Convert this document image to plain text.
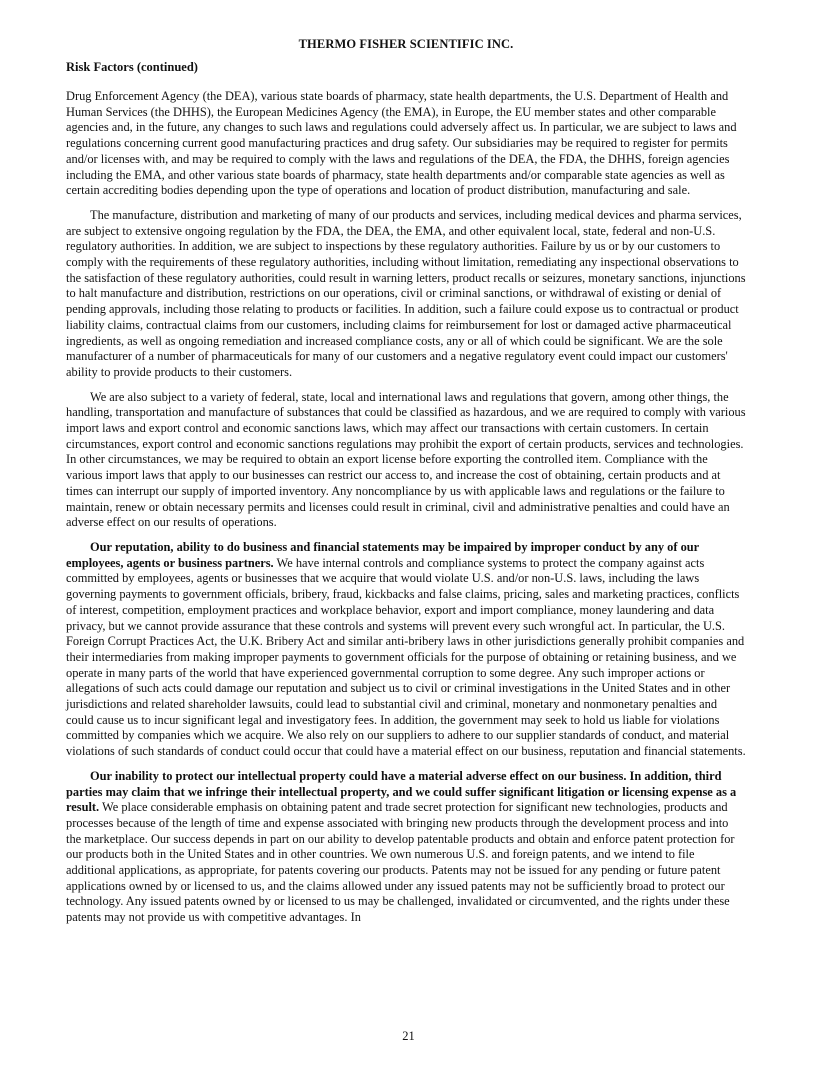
THERMO FISHER SCIENTIFIC INC.
Risk Factors (continued)

Drug Enforcement Agency (the DEA), various state boards of pharmacy, state health departments, the U.S. Department of Health and Human Services (the DHHS), the European Medicines Agency (the EMA), in Europe, the EU member states and other comparable agencies and, in the future, any changes to such laws and regulations could adversely affect us. In particular, we are subject to laws and regulations concerning current good manufacturing practices and drug safety. Our subsidiaries may be required to register for permits and/or licenses with, and may be required to comply with the laws and regulations of the DEA, the FDA, the DHHS, foreign agencies including the EMA, and other various state boards of pharmacy, state health departments and/or comparable state agencies as well as certain accrediting bodies depending upon the type of operations and location of product distribution, manufacturing and sale.

The manufacture, distribution and marketing of many of our products and services, including medical devices and pharma services, are subject to extensive ongoing regulation by the FDA, the DEA, the EMA, and other equivalent local, state, federal and non-U.S. regulatory authorities. In addition, we are subject to inspections by these regulatory authorities. Failure by us or by our customers to comply with the requirements of these regulatory authorities, including without limitation, remediating any inspectional observations to the satisfaction of these regulatory authorities, could result in warning letters, product recalls or seizures, monetary sanctions, injunctions to halt manufacture and distribution, restrictions on our operations, civil or criminal sanctions, or withdrawal of existing or denial of pending approvals, including those relating to products or facilities. In addition, such a failure could expose us to contractual or product liability claims, contractual claims from our customers, including claims for reimbursement for lost or damaged active pharmaceutical ingredients, as well as ongoing remediation and increased compliance costs, any or all of which could be significant. We are the sole manufacturer of a number of pharmaceuticals for many of our customers and a negative regulatory event could impact our customers' ability to provide products to their customers.

We are also subject to a variety of federal, state, local and international laws and regulations that govern, among other things, the handling, transportation and manufacture of substances that could be classified as hazardous, and we are required to comply with various import laws and export control and economic sanctions laws, which may affect our transactions with certain customers. In certain circumstances, export control and economic sanctions regulations may prohibit the export of certain products, services and technologies. In other circumstances, we may be required to obtain an export license before exporting the controlled item. Compliance with the various import laws that apply to our businesses can restrict our access to, and increase the cost of obtaining, certain products and at times can interrupt our supply of imported inventory. Any noncompliance by us with applicable laws and regulations or the failure to maintain, renew or obtain necessary permits and licenses could result in criminal, civil and administrative penalties and could have an adverse effect on our results of operations.

Our reputation, ability to do business and financial statements may be impaired by improper conduct by any of our employees, agents or business partners. We have internal controls and compliance systems to protect the company against acts committed by employees, agents or businesses that we acquire that would violate U.S. and/or non-U.S. laws, including the laws governing payments to government officials, bribery, fraud, kickbacks and false claims, pricing, sales and marketing practices, conflicts of interest, competition, employment practices and workplace behavior, export and import compliance, money laundering and data privacy, but we cannot provide assurance that these controls and systems will prevent every such wrongful act. In particular, the U.S. Foreign Corrupt Practices Act, the U.K. Bribery Act and similar anti-bribery laws in other jurisdictions generally prohibit companies and their intermediaries from making improper payments to government officials for the purpose of obtaining or retaining business, and we operate in many parts of the world that have experienced governmental corruption to some degree. Any such improper actions or allegations of such acts could damage our reputation and subject us to civil or criminal investigations in the United States and in other jurisdictions and related shareholder lawsuits, could lead to substantial civil and criminal, monetary and nonmonetary penalties and could cause us to incur significant legal and investigatory fees. In addition, the government may seek to hold us liable for violations committed by companies which we acquire. We also rely on our suppliers to adhere to our supplier standards of conduct, and material violations of such standards of conduct could occur that could have a material effect on our business, reputation and financial statements.

Our inability to protect our intellectual property could have a material adverse effect on our business. In addition, third parties may claim that we infringe their intellectual property, and we could suffer significant litigation or licensing expense as a result. We place considerable emphasis on obtaining patent and trade secret protection for significant new technologies, products and processes because of the length of time and expense associated with bringing new products through the development process and into the marketplace. Our success depends in part on our ability to develop patentable products and obtain and enforce patent protection for our products both in the United States and in other countries. We own numerous U.S. and foreign patents, and we intend to file additional applications, as appropriate, for patents covering our products. Patents may not be issued for any pending or future patent applications owned by or licensed to us, and the claims allowed under any issued patents may not be sufficiently broad to protect our technology. Any issued patents owned by or licensed to us may be challenged, invalidated or circumvented, and the rights under these patents may not provide us with competitive advantages. In

21
